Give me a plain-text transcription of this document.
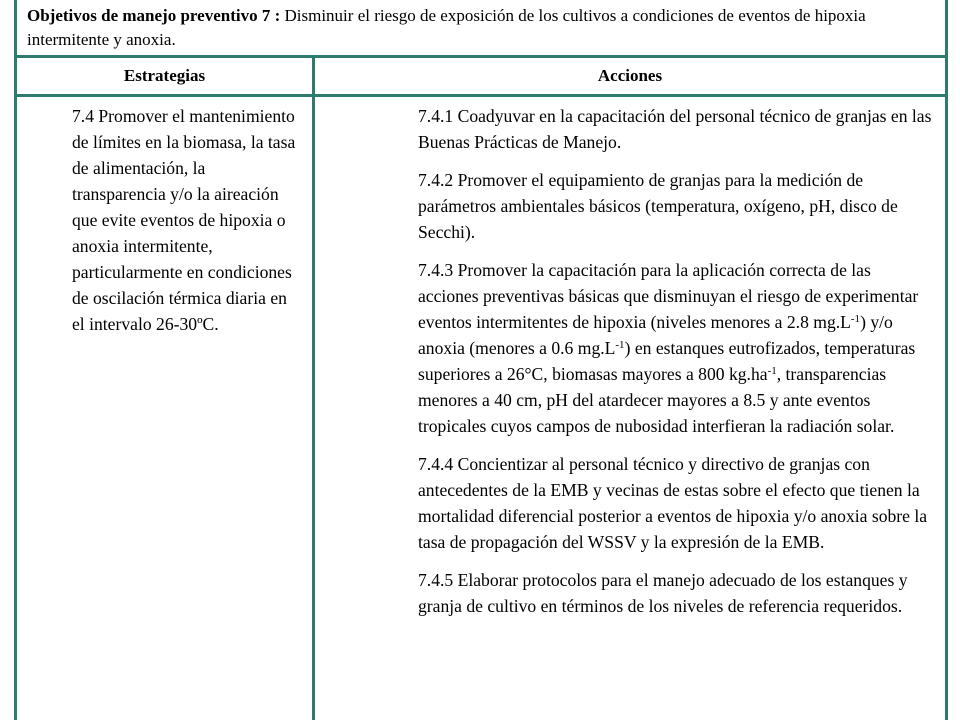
Objetivos de manejo preventivo 7 : Disminuir el riesgo de exposición de los cultivos a condiciones de eventos de hipoxia intermitente y anoxia.
Estrategias	Acciones
7.4 Promover el mantenimiento de límites en la biomasa, la tasa de alimentación, la transparencia y/o la aireación que evite eventos de hipoxia o anoxia intermitente, particularmente en condiciones de oscilación térmica diaria en el intervalo 26-30ºC.

7.4.1 Coadyuvar en la capacitación del personal técnico de granjas en las Buenas Prácticas de Manejo.

7.4.2 Promover el equipamiento de granjas para la medición de parámetros ambientales básicos (temperatura, oxígeno, pH, disco de Secchi).

7.4.3 Promover la capacitación para la aplicación correcta de las acciones preventivas básicas que disminuyan el riesgo de experimentar eventos intermitentes de hipoxia (niveles menores a 2.8 $mg.L^{-1}$) y/o anoxia (menores a 0.6 $mg.L^{-1}$) en estanques eutrofizados, temperaturas superiores a 26°C, biomasas mayores a 800 $kg.ha^{-1}$, transparencias menores a 40 cm, pH del atardecer mayores a 8.5 y ante eventos tropicales cuyos campos de nubosidad interfieran la radiación solar.

7.4.4 Concientizar al personal técnico y directivo de granjas con antecedentes de la EMB y vecinas de estas sobre el efecto que tienen la mortalidad diferencial posterior a eventos de hipoxia y/o anoxia sobre la tasa de propagación del WSSV y la expresión de la EMB.

7.4.5 Elaborar protocolos para el manejo adecuado de los estanques y granja de cultivo en términos de los niveles de referencia requeridos.
